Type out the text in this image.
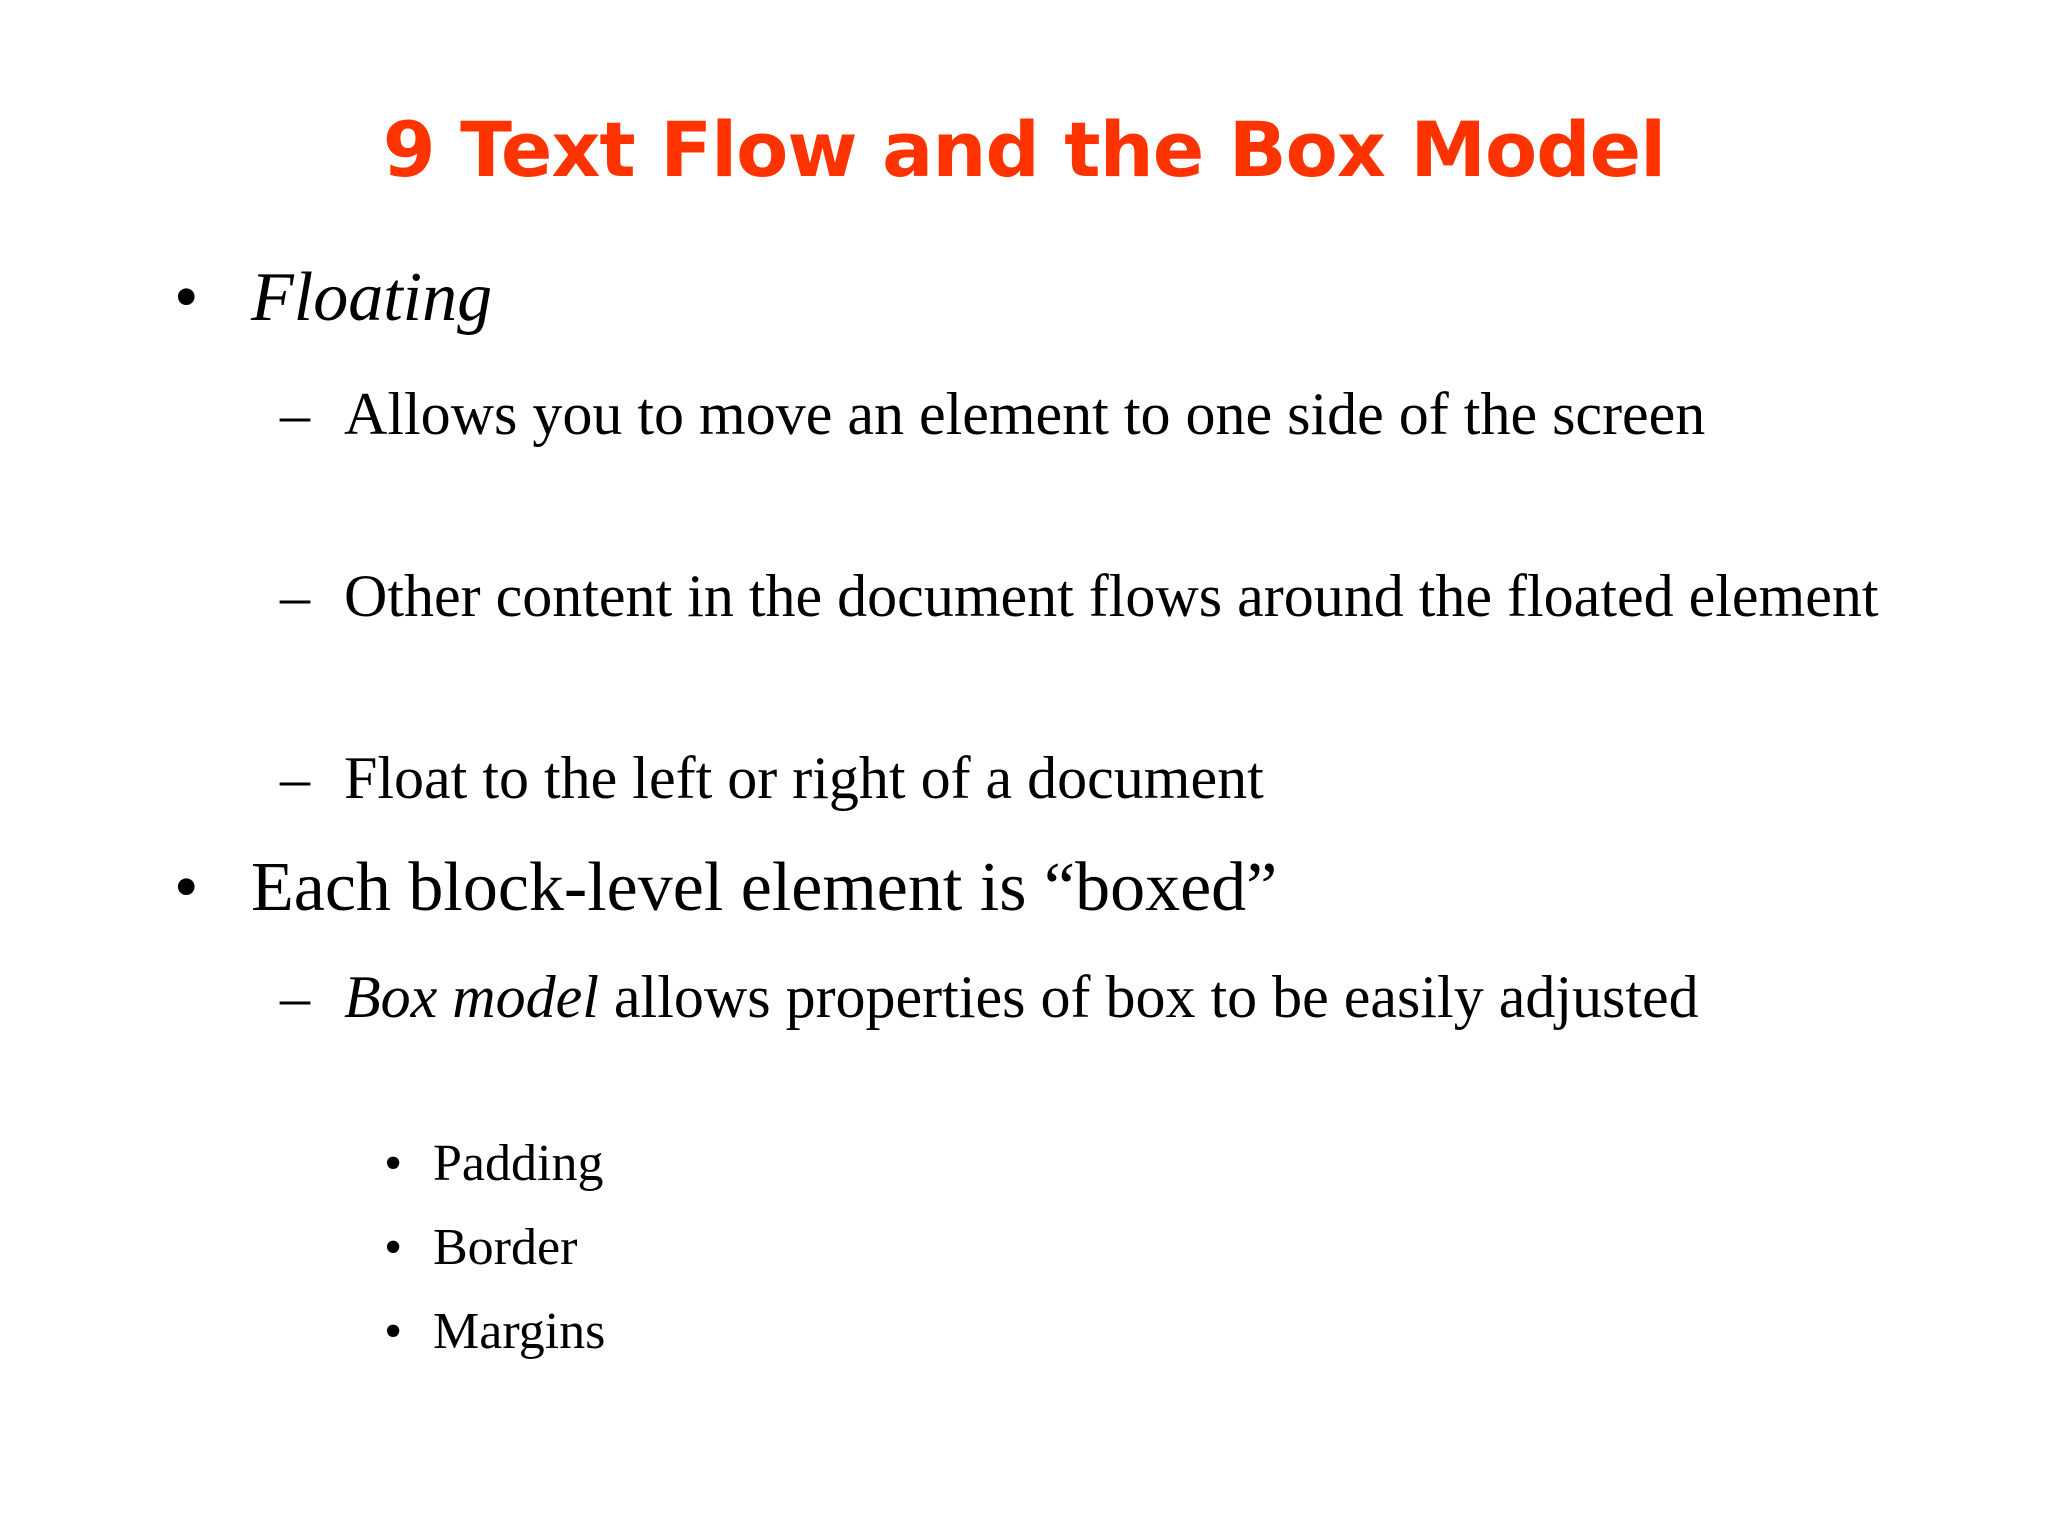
9 Text Flow and the Box Model
• Floating
– Allows you to move an element to one side of the screen
– Other content in the document flows around the floated element
– Float to the left or right of a document
• Each block-level element is “boxed”
– Box model allows properties of box to be easily adjusted
• Padding
• Border
• Margins
